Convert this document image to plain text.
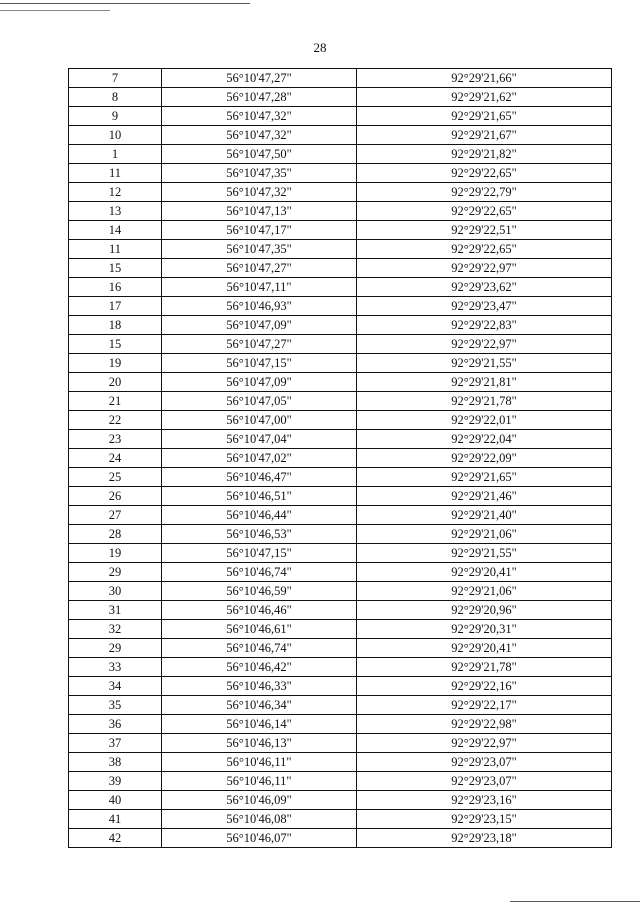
28
7	56°10'47,27"	92°29'21,66"
8	56°10'47,28"	92°29'21,62"
9	56°10'47,32"	92°29'21,65"
10	56°10'47,32"	92°29'21,67"
1	56°10'47,50"	92°29'21,82"
11	56°10'47,35"	92°29'22,65"
12	56°10'47,32"	92°29'22,79"
13	56°10'47,13"	92°29'22,65"
14	56°10'47,17"	92°29'22,51"
11	56°10'47,35"	92°29'22,65"
15	56°10'47,27"	92°29'22,97"
16	56°10'47,11"	92°29'23,62"
17	56°10'46,93"	92°29'23,47"
18	56°10'47,09"	92°29'22,83"
15	56°10'47,27"	92°29'22,97"
19	56°10'47,15"	92°29'21,55"
20	56°10'47,09"	92°29'21,81"
21	56°10'47,05"	92°29'21,78"
22	56°10'47,00"	92°29'22,01"
23	56°10'47,04"	92°29'22,04"
24	56°10'47,02"	92°29'22,09"
25	56°10'46,47"	92°29'21,65"
26	56°10'46,51"	92°29'21,46"
27	56°10'46,44"	92°29'21,40"
28	56°10'46,53"	92°29'21,06"
19	56°10'47,15"	92°29'21,55"
29	56°10'46,74"	92°29'20,41"
30	56°10'46,59"	92°29'21,06"
31	56°10'46,46"	92°29'20,96"
32	56°10'46,61"	92°29'20,31"
29	56°10'46,74"	92°29'20,41"
33	56°10'46,42"	92°29'21,78"
34	56°10'46,33"	92°29'22,16"
35	56°10'46,34"	92°29'22,17"
36	56°10'46,14"	92°29'22,98"
37	56°10'46,13"	92°29'22,97"
38	56°10'46,11"	92°29'23,07"
39	56°10'46,11"	92°29'23,07"
40	56°10'46,09"	92°29'23,16"
41	56°10'46,08"	92°29'23,15"
42	56°10'46,07"	92°29'23,18"
